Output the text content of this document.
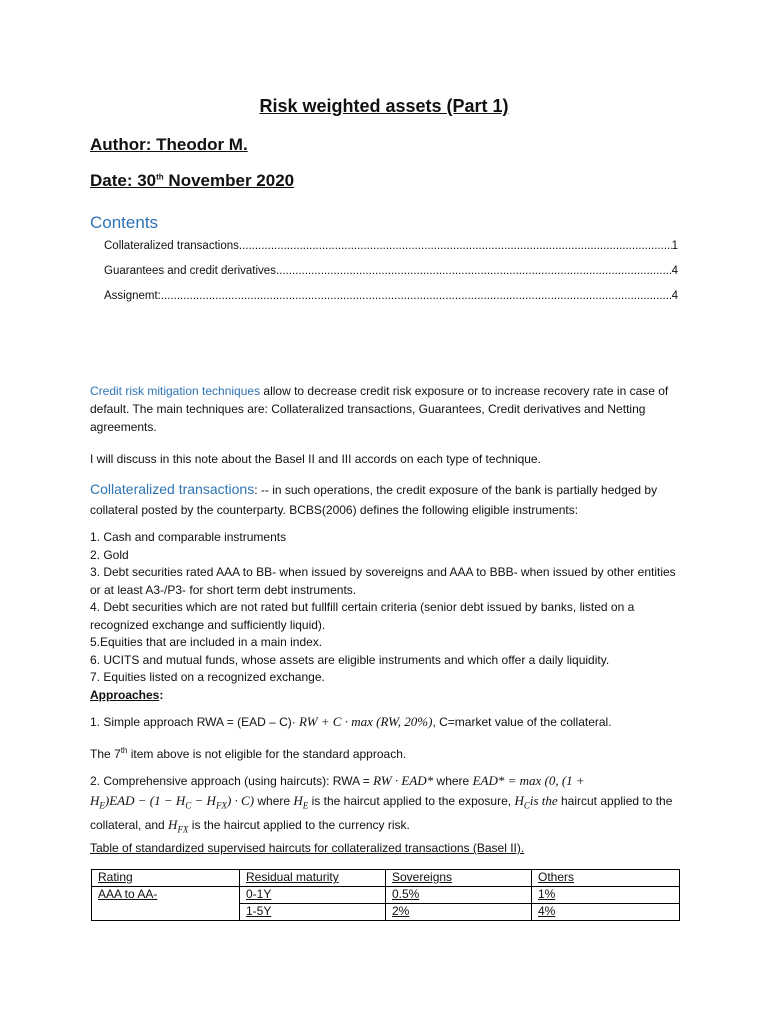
Risk weighted assets (Part 1)
Author: Theodor M.
Date: 30th November 2020
Contents
Collateralized transactions .....	1
Guarantees and credit derivatives .....	4
Assignemt: .....	4
Credit risk mitigation techniques allow to decrease credit risk exposure or to increase recovery rate in case of default. The main techniques are: Collateralized transactions, Guarantees, Credit derivatives and Netting agreements.
I will discuss in this note about the Basel II and III accords on each type of technique.
Collateralized transactions: -- in such operations, the credit exposure of the bank is partially hedged by collateral posted by the counterparty. BCBS(2006) defines the following eligible instruments:
1. Cash and comparable instruments
2. Gold
3. Debt securities rated AAA to BB- when issued by sovereigns and AAA to BBB- when issued by other entities or at least A3-/P3- for short term debt instruments.
4. Debt securities which are not rated but fullfill certain criteria (senior debt issued by banks, listed on a recognized exchange and sufficiently liquid).
5.Equities that are included in a main index.
6. UCITS and mutual funds, whose assets are eligible instruments and which offer a daily liquidity.
7. Equities listed on a recognized exchange.
Approaches:
1. Simple approach RWA = (EAD – C)· RW + C · max (RW, 20%), C=market value of the collateral.
The 7th item above is not eligible for the standard approach.
2. Comprehensive approach (using haircuts): RWA = RW · EAD* where EAD* = max (0, (1 +
$H_E)EAD - (1 - H_C - H_{FX}) \cdot C$) where $H_E$ is the haircut applied to the exposure, $H_Cis$ the haircut applied to the collateral, and $H_{FX}$ is the haircut applied to the currency risk.
Table of standardized supervised haircuts for collateralized transactions (Basel II).
Rating	Residual maturity	Sovereigns	Others
AAA to AA-	0-1Y	0.5%	1%
	1-5Y	2%	4%
